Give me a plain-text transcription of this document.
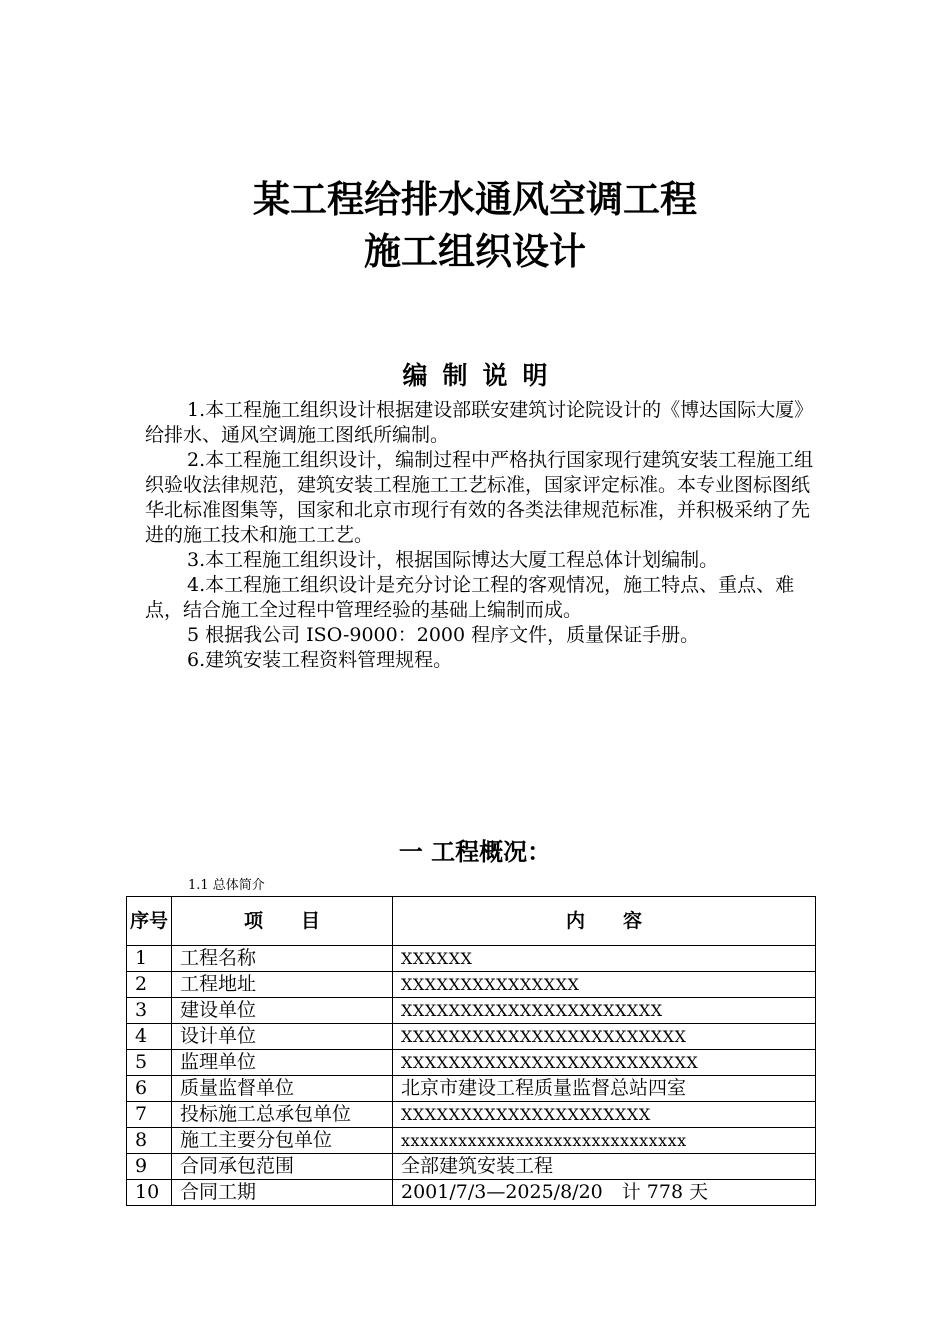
某工程给排水通风空调工程
施工组织设计
编制说明

1.本工程施工组织设计根据建设部联安建筑讨论院设计的《博达国际大厦》给排水、通风空调施工图纸所编制。

2.本工程施工组织设计，编制过程中严格执行国家现行建筑安装工程施工组织验收法律规范，建筑安装工程施工工艺标准，国家评定标准。本专业图标图纸华北标准图集等，国家和北京市现行有效的各类法律规范标准，并积极采纳了先进的施工技术和施工工艺。

3.本工程施工组织设计，根据国际博达大厦工程总体计划编制。

4.本工程施工组织设计是充分讨论工程的客观情况，施工特点、重点、难点，结合施工全过程中管理经验的基础上编制而成。

5 根据我公司 ISO-9000：2000 程序文件，质量保证手册。

6.建筑安装工程资料管理规程。

一 工程概况：
1.1 总体简介
序号	项　　目	内　　容
1	工程名称	XXXXXX
2	工程地址	XXXXXXXXXXXXXXX
3	建设单位	XXXXXXXXXXXXXXXXXXXXXX
4	设计单位	XXXXXXXXXXXXXXXXXXXXXXXX
5	监理单位	XXXXXXXXXXXXXXXXXXXXXXXXX
6	质量监督单位	北京市建设工程质量监督总站四室
7	投标施工总承包单位	XXXXXXXXXXXXXXXXXXXXX
8	施工主要分包单位	xxxxxxxxxxxxxxxxxxxxxxxxxxxxxx
9	合同承包范围	全部建筑安装工程
10	合同工期	2001/7/3—2025/8/20　计 778 天
